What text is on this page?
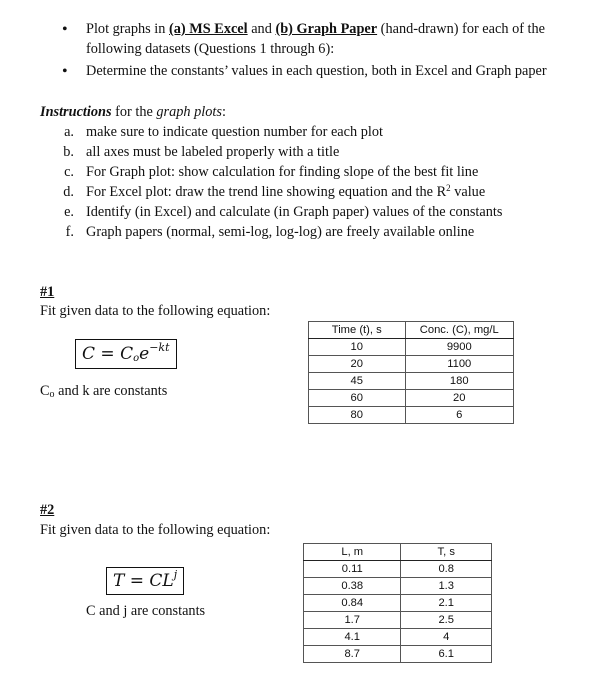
• Plot graphs in (a) MS Excel and (b) Graph Paper (hand-drawn) for each of the
following datasets (Questions 1 through 6):
• Determine the constants’ values in each question, both in Excel and Graph paper
Instructions for the graph plots:
a. make sure to indicate question number for each plot
b. all axes must be labeled properly with a title
c. For Graph plot: show calculation for finding slope of the best fit line
d. For Excel plot: draw the trend line showing equation and the $R^2$ value
e. Identify (in Excel) and calculate (in Graph paper) values of the constants
f. Graph papers (normal, semi-log, log-log) are freely available online
#1
Fit given data to the following equation:
$C = C_oe^{-kt}$
$C_o$ and k are constants
Time (t), s	Conc. (C), mg/L
10	9900
20	1100
45	180
60	20
80	6
#2
Fit given data to the following equation:
$T = CL^j$
C and j are constants
L, m	T, s
0.11	0.8
0.38	1.3
0.84	2.1
1.7	2.5
4.1	4
8.7	6.1
